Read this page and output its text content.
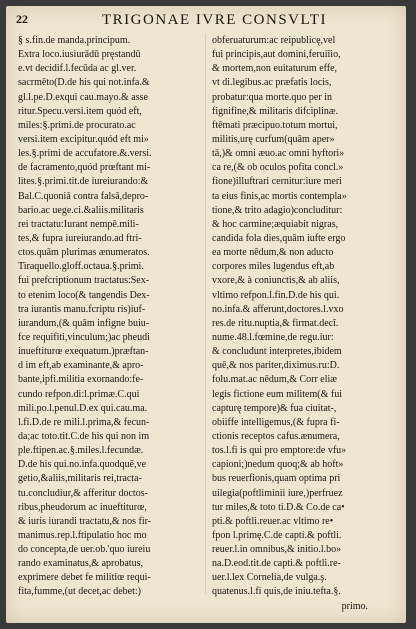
22	TRIGONAE IVRE CONSVLTI
§ s.fin.de manda.principum.
Extra loco.iusiurādū pręstandū
e.vt decidif.l.fecūda ac gl.ver.
sacrmēto(D.de his qui not.infa.&
gl.l.pe.D.exqui cau.mayo.& asse
ritur.Specu.versi.item quód eft,
miles:§.primi.de procurato.ac
versi.item excipitur.quód eft mi»
les.§.primi de accufatore.&.versi.
de facramento,quód prœftant mi-
lites.§.primi.tit.de iureiurando:&
Bal.C.quoniā contra falsā,depro-
bario.ac uege.ci.&aliis.militaris
rei tractatu:Iurant nempē.mili-
tes,& fupra iureiurando.ad ftri-
ctos.quām plurimas ænumeratos.
Tiraquello.gloff.octaua.§.primi.
fui prefcriptionum tractatus:Sex-
to etenim loco(& tangendis Dex-
tra iurantis manu.fcriptu ris)iuf-
iurandum,(& quām infigne buiu-
fce requifiti,vinculum;)ac pheudi
inueftiturœ exequatum.)præftan-
d im eft,ab examinante,& apro-
bante,ipfi.militia exornando:fe-
cundo refpon.di:l.primæ.C.qui
mili.po.l.penul.D.ex qui.cau.ma.
l.fi.D.de re mili.l.prima,& fecun-
da;ac toto.tit.C.de his qui non im
ple.ftipen.ac.§.miles.l.fecundæ.
D.de his qui.no.infa.quodquē,ve
getio,&aliis,militaris rei,tracta-
tu.concludiur,& afferitur doctos-
ribus,pheudorum ac inueftiturœ,
& iuris iurandi tractatu,& nos fir-
manimus.rep.l.ftipulatio hoc mo
do concepta,de uer.ob.'quo iureiu
rando examinatus,& aprobatus,
exprimere debet fe militiœ requi-
fita,fumme,(ut decet,ac debet:)
obferuaturum:ac reipublicę,vel
fui principis,aut domini,feruiīio,
& mortem,non euitaturum effe,
vt di.legibus.ac præfatis locis,
probatur:qua morte.quo per in
fignifine,& militaris difciplinæ.
ftēmati præcipuo.totum mortui,
militis,urę curfum(quām aper»
tā,)& omni æuo.ac omni hyftori»
ca re,(& ob oculos pofita concl.»
fione)illuftrari cernitur:iure meri
ta eius finis,ac mortis contempla»
tione,& trito adagio)concluditur:
& hoc carmine;æquiabit nigras,
candida fola dies,quām iufte ergo
ea morte nēdum,& non aducto
corpores miles lugendus eft,ab
vxore,& à coniunctis,& ab aliis,
vltimo refpon.l.fin.D.de his qui.
no.infa.& afferunt,doctores.l.vxo
res.de ritu.nuptia,& firmat.decī.
nume.48.l.fœmine,de regu.iur:
& concludunt interpretes,ibidem
quē,& nos pariter,diximus.ru:D.
folu.mat.ac nēdum,& Corr eliæ
legis fictione eum militem(& fui
capturę tempore)& fua ciuitat-,
obiiffe intelligemus,(& fupra fi-
ctionis receptos cafus.ænumera,
tos.l.fi is qui pro emptore:de vfu»
capioni;)nedum quoq;& ab hoft»
bus reuerfionis,quam optima pri
uilegia(poftliminii iure,)perfruez
tur miles,& toto ti.D.& Co.de ca•
pti.& poftli.reuer.ac vltimo re•
fpon l.primę.C.de capti.& poftli.
reuer.l.in omnibus,& initio.l.bo»
na.D.eod.tit.de capti.& poftli.re-
uer.l.lex Cornelia,de vulga.ş.
quatenus.l.fi quis,de iniu.tefta.§.
primo.
